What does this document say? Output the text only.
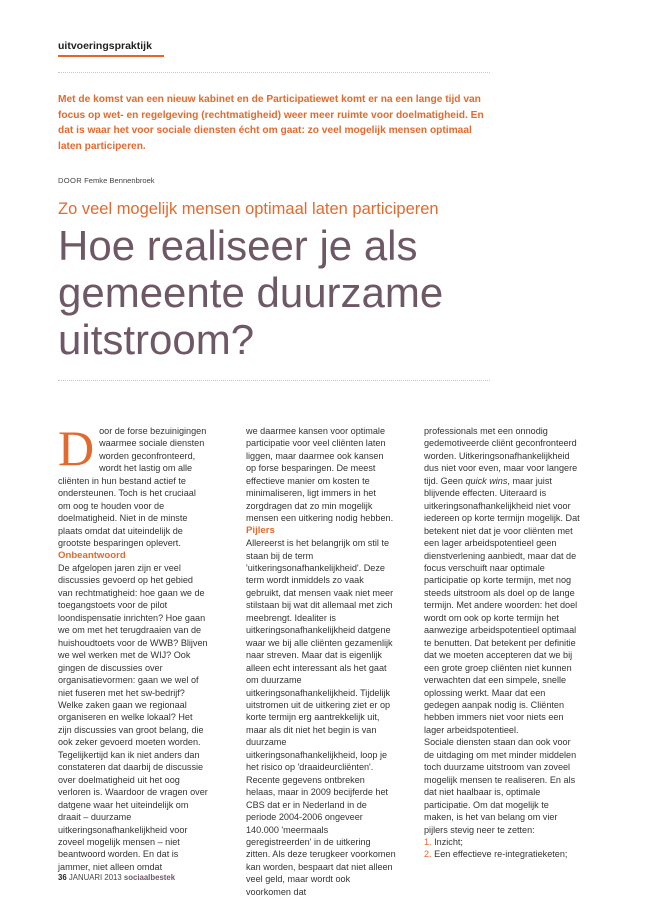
uitvoeringspraktijk

Met de komst van een nieuw kabinet en de Participatiewet komt er na een lange tijd van focus op wet- en regelgeving (rechtmatigheid) weer meer ruimte voor doelmatigheid. En dat is waar het voor sociale diensten écht om gaat: zo veel mogelijk mensen optimaal laten participeren.

DOOR Femke Bennenbroek
Zo veel mogelijk mensen optimaal laten participeren
Hoe realiseer je als gemeente duurzame uitstroom?

Door de forse bezuinigingen waarmee sociale diensten worden geconfronteerd, wordt het lastig om alle cliënten in hun bestand actief te ondersteunen. Toch is het cruciaal om oog te houden voor de doelmatigheid. Niet in de minste plaats omdat dat uiteindelijk de grootste besparingen oplevert.

Onbeantwoord

De afgelopen jaren zijn er veel discussies gevoerd op het gebied van rechtmatigheid: hoe gaan we de toegangstoets voor de pilot loondispensatie inrichten? Hoe gaan we om met het terugdraaien van de huishoudtoets voor de WWB? Blijven we wel werken met de WIJ? Ook gingen de discussies over organisatievormen: gaan we wel of niet fuseren met het sw-bedrijf? Welke zaken gaan we regionaal organiseren en welke lokaal? Het zijn discussies van groot belang, die ook zeker gevoerd moeten worden. Tegelijkertijd kan ik niet anders dan constateren dat daarbij de discussie over doelmatigheid uit het oog verloren is. Waardoor de vragen over datgene waar het uiteindelijk om draait – duurzame uitkeringsonafhankelijkheid voor zoveel mogelijk mensen – niet beantwoord worden. En dat is jammer, niet alleen omdat

we daarmee kansen voor optimale participatie voor veel cliënten laten liggen, maar daarmee ook kansen op forse besparingen. De meest effectieve manier om kosten te minimaliseren, ligt immers in het zorgdragen dat zo min mogelijk mensen een uitkering nodig hebben.

Pijlers

Allereerst is het belangrijk om stil te staan bij de term 'uitkeringsonafhankelijkheid'. Deze term wordt inmiddels zo vaak gebruikt, dat mensen vaak niet meer stilstaan bij wat dit allemaal met zich meebrengt. Idealiter is uitkeringsonafhankelijkheid datgene waar we bij alle cliënten gezamenlijk naar streven. Maar dat is eigenlijk alleen echt interessant als het gaat om duurzame uitkeringsonafhankelijkheid. Tijdelijk uitstromen uit de uitkering ziet er op korte termijn erg aantrekkelijk uit, maar als dit niet het begin is van duurzame uitkeringsonafhankelijkheid, loop je het risico op 'draaideurcliënten'. Recente gegevens ontbreken helaas, maar in 2009 becijferde het CBS dat er in Nederland in de periode 2004-2006 ongeveer 140.000 'meermaals geregistreerden' in de uitkering zitten. Als deze terugkeer voorkomen kan worden, bespaart dat niet alleen veel geld, maar wordt ook voorkomen dat

professionals met een onnodig gedemotiveerde cliënt geconfronteerd worden. Uitkeringsonafhankelijkheid dus niet voor even, maar voor langere tijd. Geen quick wins, maar juist blijvende effecten. Uiteraard is uitkeringsonafhankelijkheid niet voor iedereen op korte termijn mogelijk. Dat betekent niet dat je voor cliënten met een lager arbeidspotentieel geen dienstverlening aanbiedt, maar dat de focus verschuift naar optimale participatie op korte termijn, met nog steeds uitstroom als doel op de lange termijn. Met andere woorden: het doel wordt om ook op korte termijn het aanwezige arbeidspotentieel optimaal te benutten. Dat betekent per definitie dat we moeten accepteren dat we bij een grote groep cliënten niet kunnen verwachten dat een simpele, snelle oplossing werkt. Maar dat een gedegen aanpak nodig is. Cliënten hebben immers niet voor niets een lager arbeidspotentieel.

Sociale diensten staan dan ook voor de uitdaging om met minder middelen toch duurzame uitstroom van zoveel mogelijk mensen te realiseren. En als dat niet haalbaar is, optimale participatie. Om dat mogelijk te maken, is het van belang om vier pijlers stevig neer te zetten:

1. Inzicht;

2. Een effectieve re-integratieketen;

36 JANUARI 2013 sociaalbestek
